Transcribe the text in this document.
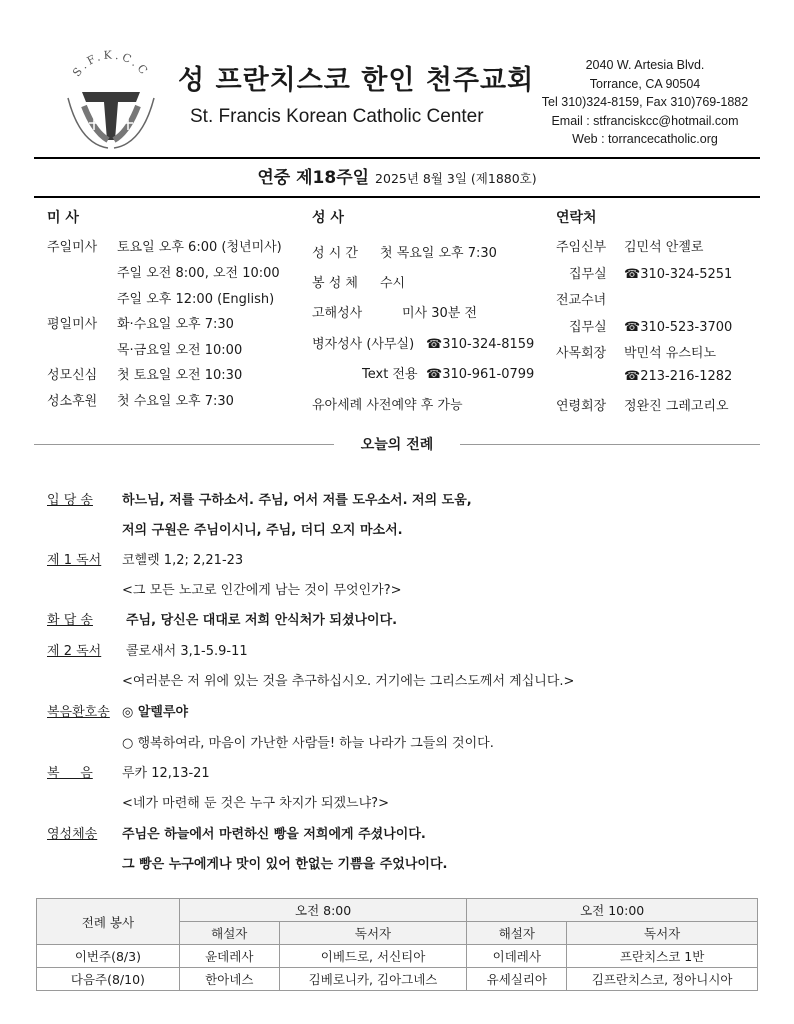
S.F.K.C.C 성 프란치스코 한인 천주교회
St. Francis Korean Catholic Center
2040 W. Artesia Blvd.
Torrance, CA 90504
Tel 310)324-8159, Fax 310)769-1882
Email : stfranciskcc@hotmail.com
Web : torrancecatholic.org
연중 제18주일 2025년 8월 3일 (제1880호)
미 사
주일미사 토요일 오후 6:00 (청년미사)
주일 오전 8:00, 오전 10:00
주일 오후 12:00 (English)
평일미사 화·수요일 오후 7:30
목·금요일 오전 10:00
성모신심 첫 토요일 오전 10:30
성소후원 첫 수요일 오후 7:30
성 사
성 시 간 첫 목요일 오후 7:30
봉 성 체 수시
고해성사	미사 30분 전
병자성사 (사무실) ☎310-324-8159
Text 전용 ☎310-961-0799
유아세례 사전예약 후 가능
연락처
주임신부 김민석 안젤로
집무실 ☎310-324-5251
전교수녀
집무실 ☎310-523-3700
사목회장 박민석 유스티노
☎213-216-1282
연령회장 정완진 그레고리오
오늘의 전례
입 당 송 하느님, 저를 구하소서. 주님, 어서 저를 도우소서. 저의 도움,
저의 구원은 주님이시니, 주님, 더디 오지 마소서.
제 1 독서 코헬렛 1,2; 2,21-23
<그 모든 노고로 인간에게 남는 것이 무엇인가?>
화 답 송	주님, 당신은 대대로 저희 안식처가 되셨나이다.
제 2 독서 콜로새서 3,1-5.9-11
<여러분은 저 위에 있는 것을 추구하십시오. 거기에는 그리스도께서 계십니다.>
복음환호송 ◎ 알렐루야
○ 행복하여라, 마음이 가난한 사람들! 하늘 나라가 그들의 것이다.
복     음 루카 12,13-21
<네가 마련해 둔 것은 누구 차지가 되겠느냐?>
영성체송 주님은 하늘에서 마련하신 빵을 저희에게 주셨나이다.
그 빵은 누구에게나 맛이 있어 한없는 기쁨을 주었나이다.
전례 봉사	오전 8:00		오전 10:00	
	해설자	독서자	해설자	독서자
이번주(8/3)	윤데레사	이베드로, 서신티아	이데레사	프란치스코 1반
다음주(8/10)	한아네스	김베로니카, 김아그네스	유세실리아	김프란치스코, 정아니시아
